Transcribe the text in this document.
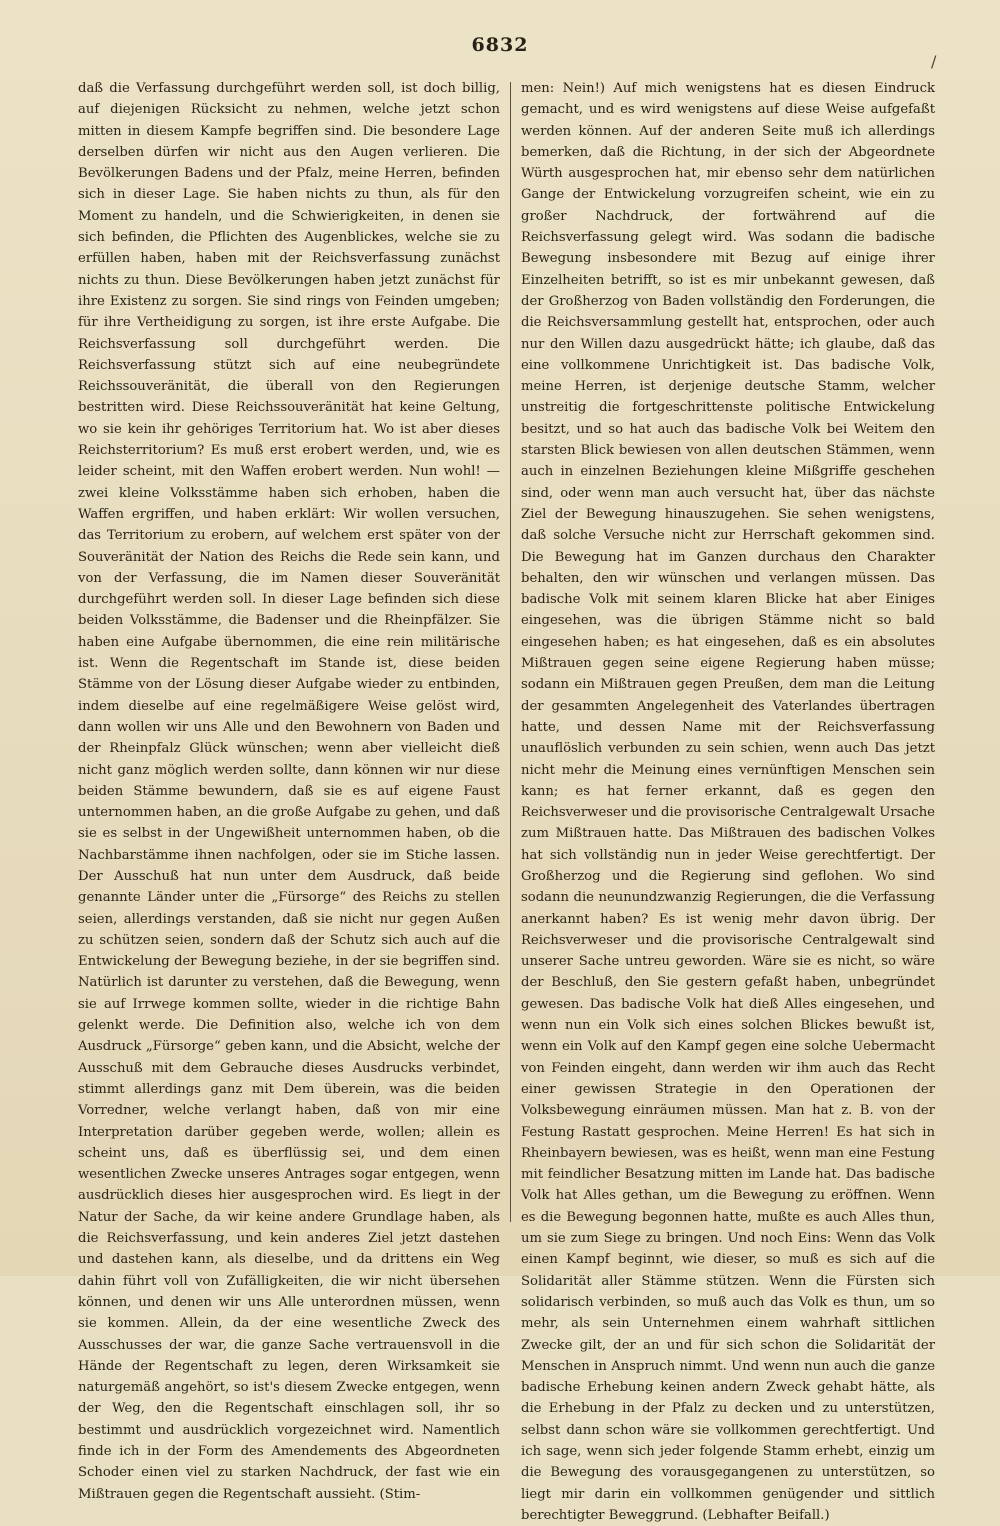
6832
/

daß die Verfassung durchgeführt werden soll, ist doch billig, auf diejenigen Rücksicht zu nehmen, welche jetzt schon mitten in diesem Kampfe begriffen sind. Die besondere Lage derselben dürfen wir nicht aus den Augen verlieren. Die Bevölkerungen Badens und der Pfalz, meine Herren, befinden sich in dieser Lage. Sie haben nichts zu thun, als für den Moment zu handeln, und die Schwierigkeiten, in denen sie sich befinden, die Pflichten des Augenblickes, welche sie zu erfüllen haben, haben mit der Reichsverfassung zunächst nichts zu thun. Diese Bevölkerungen haben jetzt zunächst für ihre Existenz zu sorgen. Sie sind rings von Feinden umgeben; für ihre Vertheidigung zu sorgen, ist ihre erste Aufgabe. Die Reichsverfassung soll durchgeführt werden. Die Reichsverfassung stützt sich auf eine neubegründete Reichssouveränität, die überall von den Regierungen bestritten wird. Diese Reichssouveränität hat keine Geltung, wo sie kein ihr gehöriges Territorium hat. Wo ist aber dieses Reichsterritorium? Es muß erst erobert werden, und, wie es leider scheint, mit den Waffen erobert werden. Nun wohl! — zwei kleine Volksstämme haben sich erhoben, haben die Waffen ergriffen, und haben erklärt: Wir wollen versuchen, das Territorium zu erobern, auf welchem erst später von der Souveränität der Nation des Reichs die Rede sein kann, und von der Verfassung, die im Namen dieser Souveränität durchgeführt werden soll. In dieser Lage befinden sich diese beiden Volksstämme, die Badenser und die Rheinpfälzer. Sie haben eine Aufgabe übernommen, die eine rein militärische ist. Wenn die Regentschaft im Stande ist, diese beiden Stämme von der Lösung dieser Aufgabe wieder zu entbinden, indem dieselbe auf eine regelmäßigere Weise gelöst wird, dann wollen wir uns Alle und den Bewohnern von Baden und der Rheinpfalz Glück wünschen; wenn aber vielleicht dieß nicht ganz möglich werden sollte, dann können wir nur diese beiden Stämme bewundern, daß sie es auf eigene Faust unternommen haben, an die große Aufgabe zu gehen, und daß sie es selbst in der Ungewißheit unternommen haben, ob die Nachbarstämme ihnen nachfolgen, oder sie im Stiche lassen. Der Ausschuß hat nun unter dem Ausdruck, daß beide genannte Länder unter die „Fürsorge“ des Reichs zu stellen seien, allerdings verstanden, daß sie nicht nur gegen Außen zu schützen seien, sondern daß der Schutz sich auch auf die Entwickelung der Bewegung beziehe, in der sie begriffen sind. Natürlich ist darunter zu verstehen, daß die Bewegung, wenn sie auf Irrwege kommen sollte, wieder in die richtige Bahn gelenkt werde. Die Definition also, welche ich von dem Ausdruck „Fürsorge“ geben kann, und die Absicht, welche der Ausschuß mit dem Gebrauche dieses Ausdrucks verbindet, stimmt allerdings ganz mit Dem überein, was die beiden Vorredner, welche verlangt haben, daß von mir eine Interpretation darüber gegeben werde, wollen; allein es scheint uns, daß es überflüssig sei, und dem einen wesentlichen Zwecke unseres Antrages sogar entgegen, wenn ausdrücklich dieses hier ausgesprochen wird. Es liegt in der Natur der Sache, da wir keine andere Grundlage haben, als die Reichsverfassung, und kein anderes Ziel jetzt dastehen und dastehen kann, als dieselbe, und da drittens ein Weg dahin führt voll von Zufälligkeiten, die wir nicht übersehen können, und denen wir uns Alle unterordnen müssen, wenn sie kommen. Allein, da der eine wesentliche Zweck des Ausschusses der war, die ganze Sache vertrauensvoll in die Hände der Regentschaft zu legen, deren Wirksamkeit sie naturgemäß angehört, so ist's diesem Zwecke entgegen, wenn der Weg, den die Regentschaft einschlagen soll, ihr so bestimmt und ausdrücklich vorgezeichnet wird. Namentlich finde ich in der Form des Amendements des Abgeordneten Schoder einen viel zu starken Nachdruck, der fast wie ein Mißtrauen gegen die Regentschaft aussieht. (Stim-

men: Nein!) Auf mich wenigstens hat es diesen Eindruck gemacht, und es wird wenigstens auf diese Weise aufgefaßt werden können. Auf der anderen Seite muß ich allerdings bemerken, daß die Richtung, in der sich der Abgeordnete Würth ausgesprochen hat, mir ebenso sehr dem natürlichen Gange der Entwickelung vorzugreifen scheint, wie ein zu großer Nachdruck, der fortwährend auf die Reichsverfassung gelegt wird. Was sodann die badische Bewegung insbesondere mit Bezug auf einige ihrer Einzelheiten betrifft, so ist es mir unbekannt gewesen, daß der Großherzog von Baden vollständig den Forderungen, die die Reichsversammlung gestellt hat, entsprochen, oder auch nur den Willen dazu ausgedrückt hätte; ich glaube, daß das eine vollkommene Unrichtigkeit ist. Das badische Volk, meine Herren, ist derjenige deutsche Stamm, welcher unstreitig die fortgeschrittenste politische Entwickelung besitzt, und so hat auch das badische Volk bei Weitem den starsten Blick bewiesen von allen deutschen Stämmen, wenn auch in einzelnen Beziehungen kleine Mißgriffe geschehen sind, oder wenn man auch versucht hat, über das nächste Ziel der Bewegung hinauszugehen. Sie sehen wenigstens, daß solche Versuche nicht zur Herrschaft gekommen sind. Die Bewegung hat im Ganzen durchaus den Charakter behalten, den wir wünschen und verlangen müssen. Das badische Volk mit seinem klaren Blicke hat aber Einiges eingesehen, was die übrigen Stämme nicht so bald eingesehen haben; es hat eingesehen, daß es ein absolutes Mißtrauen gegen seine eigene Regierung haben müsse; sodann ein Mißtrauen gegen Preußen, dem man die Leitung der gesammten Angelegenheit des Vaterlandes übertragen hatte, und dessen Name mit der Reichsverfassung unauflöslich verbunden zu sein schien, wenn auch Das jetzt nicht mehr die Meinung eines vernünftigen Menschen sein kann; es hat ferner erkannt, daß es gegen den Reichsverweser und die provisorische Centralgewalt Ursache zum Mißtrauen hatte. Das Mißtrauen des badischen Volkes hat sich vollständig nun in jeder Weise gerechtfertigt. Der Großherzog und die Regierung sind geflohen. Wo sind sodann die neunundzwanzig Regierungen, die die Verfassung anerkannt haben? Es ist wenig mehr davon übrig. Der Reichsverweser und die provisorische Centralgewalt sind unserer Sache untreu geworden. Wäre sie es nicht, so wäre der Beschluß, den Sie gestern gefaßt haben, unbegründet gewesen. Das badische Volk hat dieß Alles eingesehen, und wenn nun ein Volk sich eines solchen Blickes bewußt ist, wenn ein Volk auf den Kampf gegen eine solche Uebermacht von Feinden eingeht, dann werden wir ihm auch das Recht einer gewissen Strategie in den Operationen der Volksbewegung einräumen müssen. Man hat z. B. von der Festung Rastatt gesprochen. Meine Herren! Es hat sich in Rheinbayern bewiesen, was es heißt, wenn man eine Festung mit feindlicher Besatzung mitten im Lande hat. Das badische Volk hat Alles gethan, um die Bewegung zu eröffnen. Wenn es die Bewegung begonnen hatte, mußte es auch Alles thun, um sie zum Siege zu bringen. Und noch Eins: Wenn das Volk einen Kampf beginnt, wie dieser, so muß es sich auf die Solidarität aller Stämme stützen. Wenn die Fürsten sich solidarisch verbinden, so muß auch das Volk es thun, um so mehr, als sein Unternehmen einem wahrhaft sittlichen Zwecke gilt, der an und für sich schon die Solidarität der Menschen in Anspruch nimmt. Und wenn nun auch die ganze badische Erhebung keinen andern Zweck gehabt hätte, als die Erhebung in der Pfalz zu decken und zu unterstützen, selbst dann schon wäre sie vollkommen gerechtfertigt. Und ich sage, wenn sich jeder folgende Stamm erhebt, einzig um die Bewegung des vorausgegangenen zu unterstützen, so liegt mir darin ein vollkommen genügender und sittlich berechtigter Beweggrund. (Lebhafter Beifall.)
